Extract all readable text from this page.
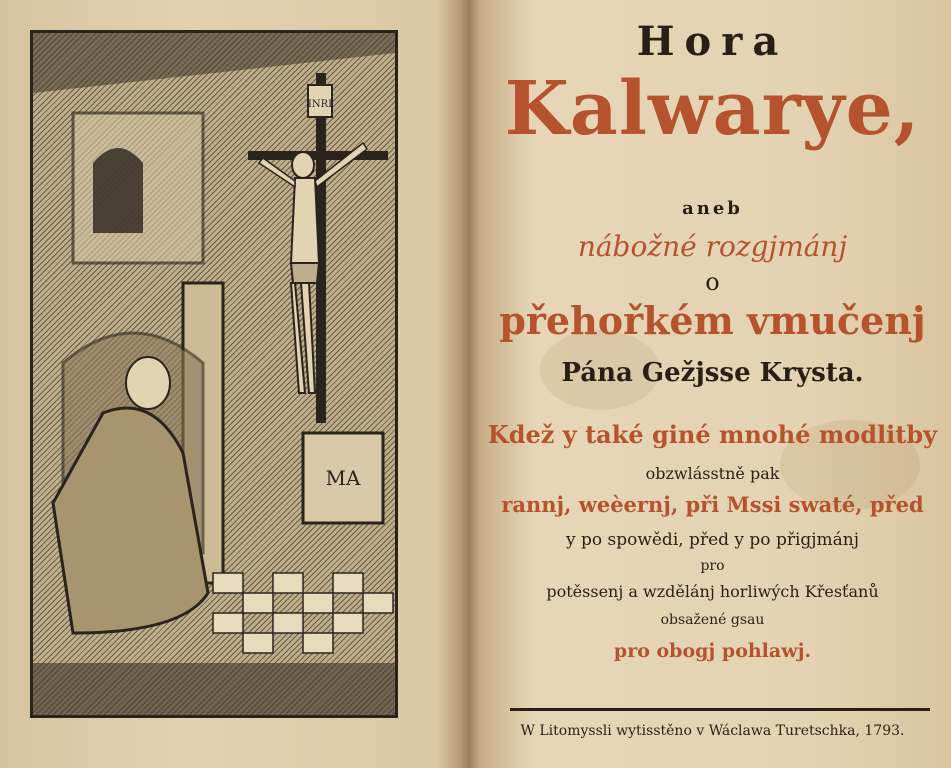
INRI
MA
Hora
Kalwarye,
aneb
nábožné rozgjmánj
o
přehořkém vmučenj
Pána Gežjsse Krysta.
Kdež y také giné mnohé modlitby
obzwlásstně pak
rannj, weèernj, při Mssi swaté, před
y po spowědi, před y po přigjmánj
pro
potěssenj a wzdělánj horliwých Křesťanů
obsažené gsau
pro obogj pohlawj.
W Litomyssli wytisstěno v Wáclawa Turetschka, 1793.
